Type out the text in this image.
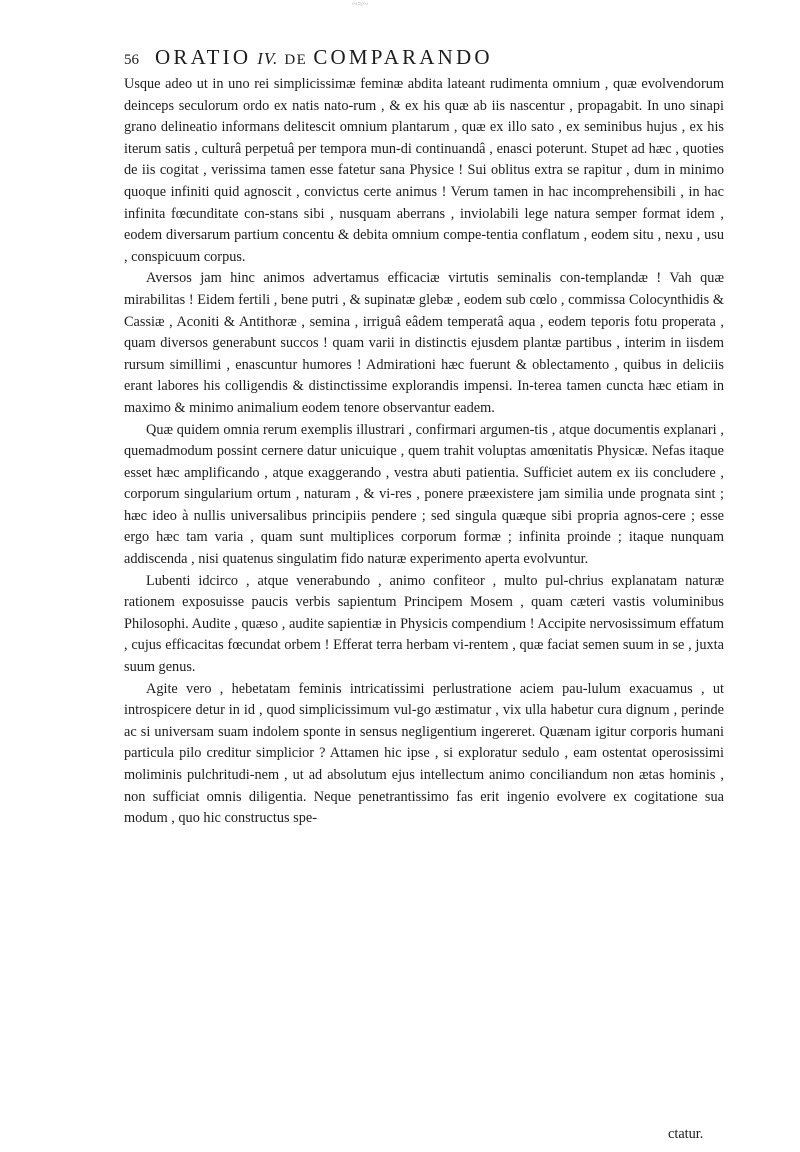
~≈~
56 ORATIO IV. DE COMPARANDO

Usque adeo ut in uno rei simplicissimæ feminæ abdita lateant rudimenta omnium , quæ evolvendorum deinceps seculorum ordo ex natis nato-rum , & ex his quæ ab iis nascentur , propagabit. In uno sinapi grano delineatio informans delitescit omnium plantarum , quæ ex illo sato , ex seminibus hujus , ex his iterum satis , culturâ perpetuâ per tempora mun-di continuandâ , enasci poterunt. Stupet ad hæc , quoties de iis cogitat , verissima tamen esse fatetur sana Physice ! Sui oblitus extra se rapitur , dum in minimo quoque infiniti quid agnoscit , convictus certe animus ! Verum tamen in hac incomprehensibili , in hac infinita fœcunditate con-stans sibi , nusquam aberrans , inviolabili lege natura semper format idem , eodem diversarum partium concentu & debita omnium compe-tentia conflatum , eodem situ , nexu , usu , conspicuum corpus.

Aversos jam hinc animos advertamus efficaciæ virtutis seminalis con-templandæ ! Vah quæ mirabilitas ! Eidem fertili , bene putri , & supinatæ glebæ , eodem sub cœlo , commissa Colocynthidis & Cassiæ , Aconiti & Antithoræ , semina , irriguâ eâdem temperatâ aqua , eodem teporis fotu properata , quam diversos generabunt succos ! quam varii in distinctis ejusdem plantæ partibus , interim in iisdem rursum simillimi , enascuntur humores ! Admirationi hæc fuerunt & oblectamento , quibus in deliciis erant labores his colligendis & distinctissime explorandis impensi. In-terea tamen cuncta hæc etiam in maximo & minimo animalium eodem tenore observantur eadem.

Quæ quidem omnia rerum exemplis illustrari , confirmari argumen-tis , atque documentis explanari , quemadmodum possint cernere datur unicuique , quem trahit voluptas amœnitatis Physicæ. Nefas itaque esset hæc amplificando , atque exaggerando , vestra abuti patientia. Sufficiet autem ex iis concludere , corporum singularium ortum , naturam , & vi-res , ponere præexistere jam similia unde prognata sint ; hæc ideo à nullis universalibus principiis pendere ; sed singula quæque sibi propria agnos-cere ; esse ergo hæc tam varia , quam sunt multiplices corporum formæ ; infinita proinde ; itaque nunquam addiscenda , nisi quatenus singulatim fido naturæ experimento aperta evolvuntur.

Lubenti idcirco , atque venerabundo , animo confiteor , multo pul-chrius explanatam naturæ rationem exposuisse paucis verbis sapientum Principem Mosem , quam cæteri vastis voluminibus Philosophi. Audite , quæso , audite sapientiæ in Physicis compendium ! Accipite nervosissimum effatum , cujus efficacitas fœcundat orbem ! Efferat terra herbam vi-rentem , quæ faciat semen suum in se , juxta suum genus.

Agite vero , hebetatam feminis intricatissimi perlustratione aciem pau-lulum exacuamus , ut introspicere detur in id , quod simplicissimum vul-go æstimatur , vix ulla habetur cura dignum , perinde ac si universam suam indolem sponte in sensus negligentium ingereret. Quænam igitur corporis humani particula pilo creditur simplicior ? Attamen hic ipse , si exploratur sedulo , eam ostentat operosissimi moliminis pulchritudi-nem , ut ad absolutum ejus intellectum animo conciliandum non ætas hominis , non sufficiat omnis diligentia. Neque penetrantissimo fas erit ingenio evolvere ex cogitatione sua modum , quo hic constructus spe-

ctatur.
